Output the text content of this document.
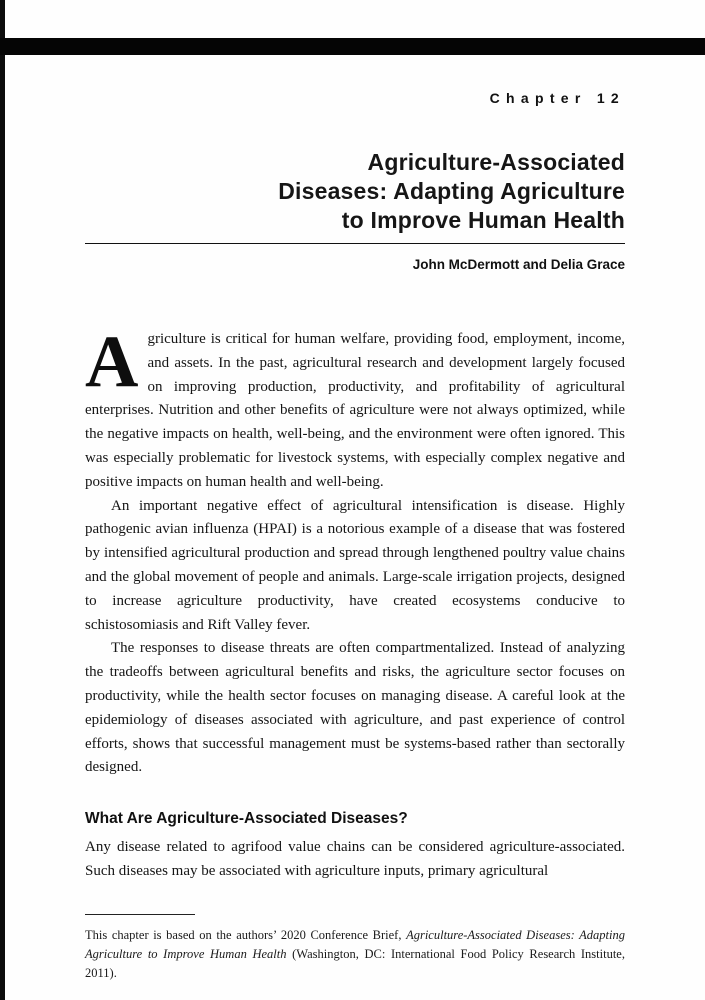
Chapter 12
Agriculture-Associated
Diseases: Adapting Agriculture
to Improve Human Health
John McDermott and Delia Grace

Agriculture is critical for human welfare, providing food, employment, income, and assets. In the past, agricultural research and development largely focused on improving production, productivity, and profitability of agricultural enterprises. Nutrition and other benefits of agriculture were not always optimized, while the negative impacts on health, well-being, and the environment were often ignored. This was especially problematic for livestock systems, with especially complex negative and positive impacts on human health and well-being.

An important negative effect of agricultural intensification is disease. Highly pathogenic avian influenza (HPAI) is a notorious example of a disease that was fostered by intensified agricultural production and spread through lengthened poultry value chains and the global movement of people and animals. Large-scale irrigation projects, designed to increase agriculture productivity, have created ecosystems conducive to schistosomiasis and Rift Valley fever.

The responses to disease threats are often compartmentalized. Instead of analyzing the tradeoffs between agricultural benefits and risks, the agriculture sector focuses on productivity, while the health sector focuses on managing disease. A careful look at the epidemiology of diseases associated with agriculture, and past experience of control efforts, shows that successful management must be systems-based rather than sectorally designed.

What Are Agriculture-Associated Diseases?

Any disease related to agrifood value chains can be considered agriculture-associated. Such diseases may be associated with agriculture inputs, primary agricultural

This chapter is based on the authors’ 2020 Conference Brief, Agriculture-Associated Diseases: Adapting Agriculture to Improve Human Health (Washington, DC: International Food Policy Research Institute, 2011).
